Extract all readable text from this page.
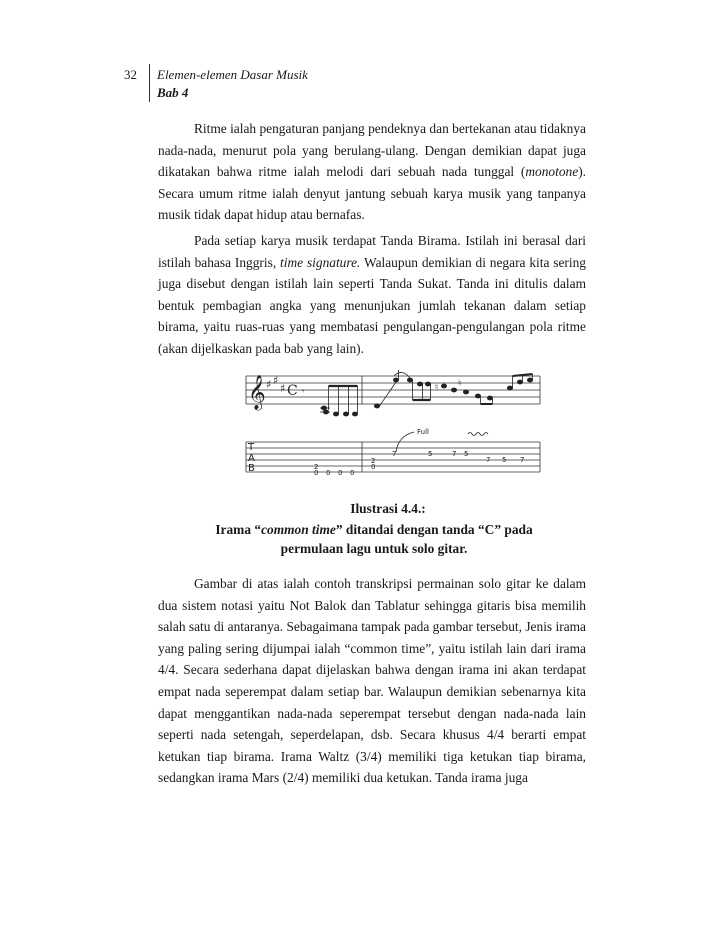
32 Elemen-elemen Dasar Musik
Bab 4

Ritme ialah pengaturan panjang pendeknya dan bertekanan atau tidaknya nada-nada, menurut pola yang berulang-ulang. Dengan demikian dapat juga dikatakan bahwa ritme ialah melodi dari sebuah nada tunggal (monotone). Secara umum ritme ialah denyut jantung sebuah karya musik yang tanpanya musik tidak dapat hidup atau bernafas.

Pada setiap karya musik terdapat Tanda Birama. Istilah ini berasal dari istilah bahasa Inggris, time signature. Walaupun demikian di negara kita sering juga disebut dengan istilah lain seperti Tanda Sukat. Tanda ini ditulis dalam bentuk pembagian angka yang menunjukan jumlah tekanan dalam setiap birama, yaitu ruas-ruas yang membatasi pengulangan-pengulangan pola ritme (akan dijelkaskan pada bab yang lain).

𝄞 ♯ ♯
♯ C 𝄾	♮ ♮
T
A
B	2
0 0 0 0
2
0
7	5	7 5
7 5 7
Full
Ilustrasi 4.4.:
Irama “common time” ditandai dengan tanda “C” pada
permulaan lagu untuk solo gitar.

Gambar di atas ialah contoh transkripsi permainan solo gitar ke dalam dua sistem notasi yaitu Not Balok dan Tablatur sehingga gitaris bisa memilih salah satu di antaranya. Sebagaimana tampak pada gambar tersebut, Jenis irama yang paling sering dijumpai ialah “common time”, yaitu istilah lain dari irama 4/4. Secara sederhana dapat dijelaskan bahwa dengan irama ini akan terdapat empat nada seperempat dalam setiap bar. Walaupun demikian sebenarnya kita dapat menggantikan nada-nada seperempat tersebut dengan nada-nada lain seperti nada setengah, seperdelapan, dsb. Secara khusus 4/4 berarti empat ketukan tiap birama. Irama Waltz (3/4) memiliki tiga ketukan tiap birama, sedangkan irama Mars (2/4) memiliki dua ketukan. Tanda irama juga
